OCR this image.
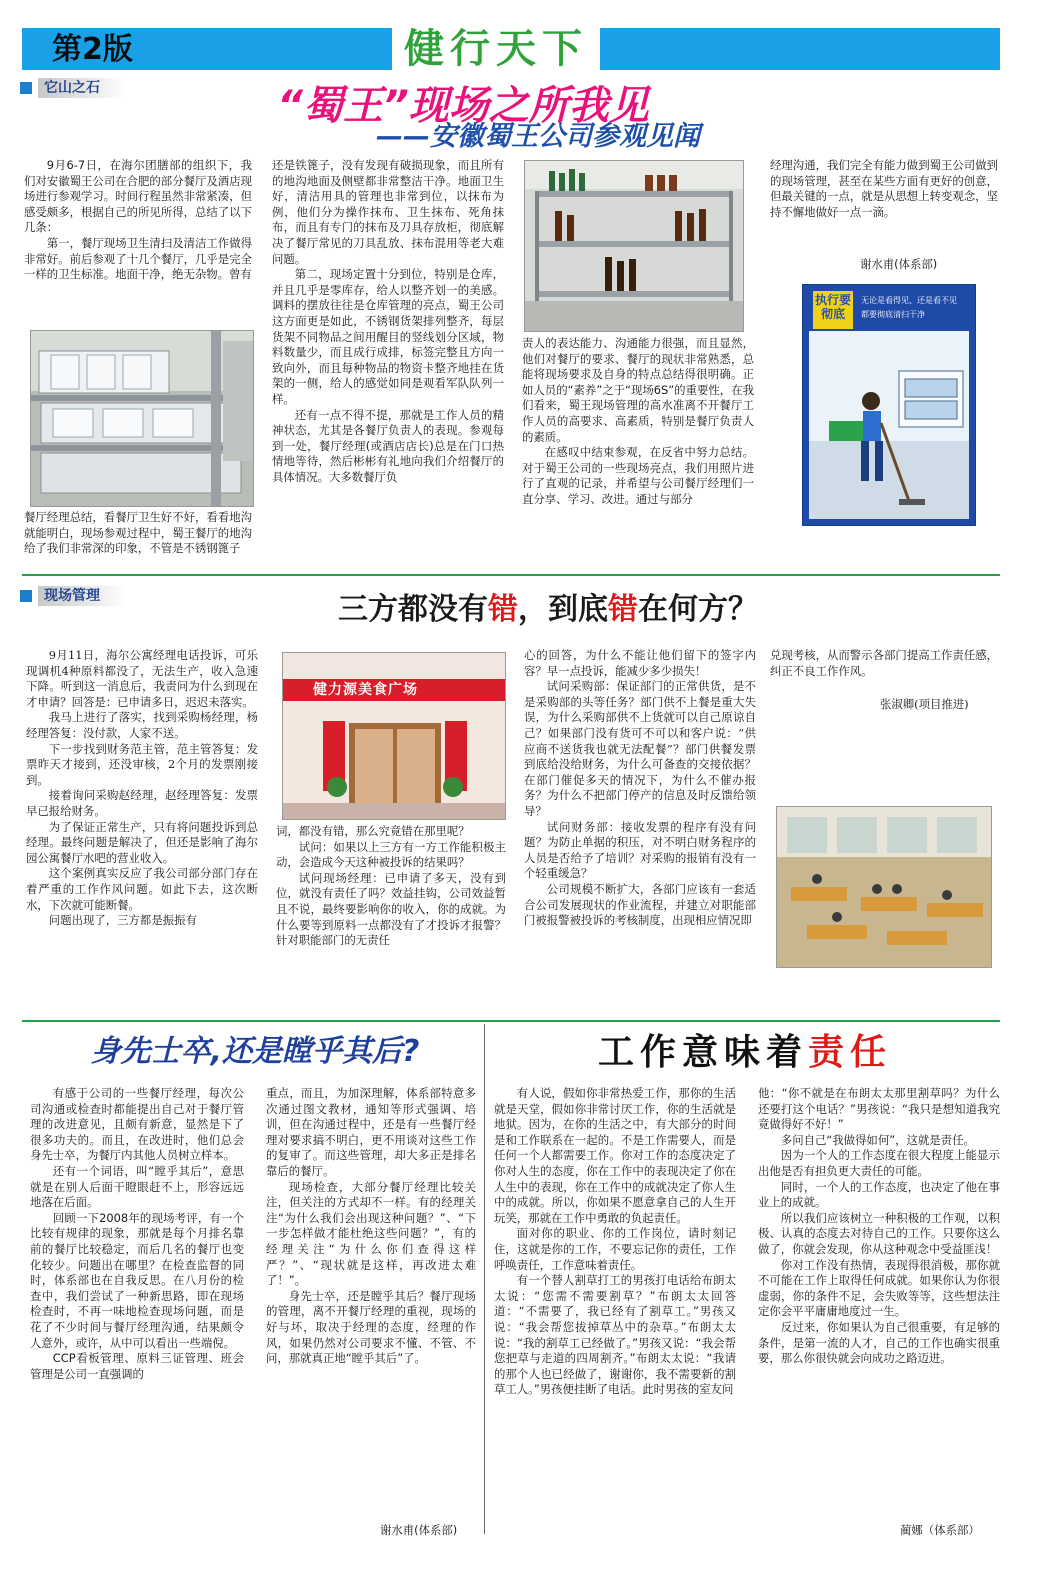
第2版	健行天下
它山之石	“蜀王”现场之所我见
——安徽蜀王公司参观见闻

9月6-7日，在海尔团膳部的组织下，我们对安徽蜀王公司在合肥的部分餐厅及酒店现场进行参观学习。时间行程虽然非常紧凑，但感受颇多，根据自己的所见所得，总结了以下几条：

第一，餐厅现场卫生清扫及清洁工作做得非常好。前后参观了十几个餐厅，几乎是完全一样的卫生标准。地面干净，绝无杂物。曾有

餐厅经理总结，看餐厅卫生好不好，看看地沟就能明白，现场参观过程中，蜀王餐厅的地沟给了我们非常深的印象，不管是不锈钢篦子

还是铁篦子，没有发现有破损现象，而且所有的地沟地面及侧壁都非常整洁干净。地面卫生好，清洁用具的管理也非常到位，以抹布为例，他们分为操作抹布、卫生抹布、死角抹布，而且有专门的抹布及刀具存放柜，彻底解决了餐厅常见的刀具乱放、抹布混用等老大难问题。

第二，现场定置十分到位，特别是仓库，并且几乎是零库存，给人以整齐划一的美感。调料的摆放往往是仓库管理的亮点，蜀王公司这方面更是如此，不锈钢货架排列整齐，每层货架不同物品之间用醒目的竖线划分区域，物料数量少，而且成行成排，标签完整且方向一致向外，而且每种物品的物资卡整齐地挂在货架的一侧，给人的感觉如同是观看军队队列一样。

还有一点不得不提，那就是工作人员的精神状态，尤其是各餐厅负责人的表现。参观每到一处，餐厅经理(或酒店店长)总是在门口热情地等待，然后彬彬有礼地向我们介绍餐厅的具体情况。大多数餐厅负

责人的表达能力、沟通能力很强，而且显然，他们对餐厅的要求、餐厅的现状非常熟悉，总能将现场要求及自身的特点总结得很明确。正如人员的“素养”之于“现场6S”的重要性，在我们看来，蜀王现场管理的高水准离不开餐厅工作人员的高要求、高素质，特别是餐厅负责人的素质。

在感叹中结束参观，在反省中努力总结。对于蜀王公司的一些现场亮点，我们用照片进行了直观的记录，并希望与公司餐厅经理们一直分享、学习、改进。通过与部分

经理沟通，我们完全有能力做到蜀王公司做到的现场管理，甚至在某些方面有更好的创意，但最关键的一点，就是从思想上转变观念，坚持不懈地做好一点一滴。

谢水甫(体系部)
执行要彻底
无论是看得见、还是看不见
都要彻底清扫干净
现场管理	三方都没有错，到底错在何方？

9月11日，海尔公寓经理电话投诉，可乐现调机4种原料都没了，无法生产，收入急速下降。听到这一消息后，我责问为什么到现在才申请？回答是：已申请多日，迟迟未落实。

我马上进行了落实，找到采购杨经理，杨经理答复：没付款，人家不送。

下一步找到财务范主管，范主管答复：发票昨天才接到，还没审核，2个月的发票刚接到。

接着询问采购赵经理，赵经理答复：发票早已报给财务。

为了保证正常生产，只有将问题投诉到总经理。最终问题是解决了，但还是影响了海尔园公寓餐厅水吧的营业收入。

这个案例真实反应了我公司部分部门存在着严重的工作作风问题。如此下去，这次断水，下次就可能断餐。

问题出现了，三方都是振振有

健力源美食广场

词，都没有错，那么究竟错在那里呢？

试问：如果以上三方有一方工作能积极主动，会造成今天这种被投诉的结果吗？

试问现场经理：已申请了多天，没有到位，就没有责任了吗？效益挂钩，公司效益暂且不说，最终要影响你的收入，你的成就。为什么要等到原料一点都没有了才投诉才报警？针对职能部门的无责任

心的回答，为什么不能让他们留下的签字内容？早一点投诉，能减少多少损失！

试问采购部：保证部门的正常供货，是不是采购部的头等任务？部门供不上餐是重大失误，为什么采购部供不上货就可以自己原谅自己？如果部门没有货可不可以和客户说：“供应商不送货我也就无法配餐”？部门供餐发票到底给没给财务，为什么可备查的交接依据？在部门催促多天的情况下，为什么不催办报务？为什么不把部门停产的信息及时反馈给领导？

试问财务部：接收发票的程序有没有问题？为防止单据的积压，对不明白财务程序的人员是否给予了培训？对采购的报销有没有一个轻重缓急？

公司规模不断扩大，各部门应该有一套适合公司发展现状的作业流程，并建立对职能部门被报警被投诉的考核制度，出现相应情况即

兑现考核，从而警示各部门提高工作责任感，纠正不良工作作风。

张淑卿(项目推进)
身先士卒,还是瞠乎其后?

有感于公司的一些餐厅经理，每次公司沟通或检查时都能提出自己对于餐厅管理的改进意见，且颇有新意，显然是下了很多功夫的。而且，在改进时，他们总会身先士卒，为餐厅内其他人员树立样本。

还有一个词语，叫“瞠乎其后”，意思就是在别人后面干瞪眼赶不上，形容远远地落在后面。

回顾一下2008年的现场考评，有一个比较有规律的现象，那就是每个月排名靠前的餐厅比较稳定，而后几名的餐厅也变化较少。问题出在哪里？在检查监督的同时，体系部也在自我反思。在八月份的检查中，我们尝试了一种新思路，即在现场检查时，不再一味地检查现场问题，而是花了不少时间与餐厅经理沟通，结果颇令人意外，或许，从中可以看出一些端倪。

CCP看板管理、原料三证管理、班会管理是公司一直强调的

重点，而且，为加深理解，体系部特意多次通过图文教材，通知等形式强调、培训，但在沟通过程中，还是有一些餐厅经理对要求搞不明白，更不用谈对这些工作的复审了。而这些管理，却大多正是排名靠后的餐厅。

现场检查，大部分餐厅经理比较关注，但关注的方式却不一样。有的经理关注“为什么我们会出现这种问题？”、“下一步怎样做才能杜绝这些问题？”，有的经理关注“为什么你们查得这样严？”、“现状就是这样，再改进太难了！”。

身先士卒，还是瞠乎其后？餐厅现场的管理，离不开餐厅经理的重视，现场的好与坏，取决于经理的态度，经理的作风，如果仍然对公司要求不懂、不管、不问，那就真正地“瞠乎其后”了。

谢水甫(体系部)
工作意味着责任

有人说，假如你非常热爱工作，那你的生活就是天堂，假如你非常讨厌工作，你的生活就是地狱。因为，在你的生活之中，有大部分的时间是和工作联系在一起的。不是工作需要人，而是任何一个人都需要工作。你对工作的态度决定了你对人生的态度，你在工作中的表现决定了你在人生中的表现，你在工作中的成就决定了你人生中的成就。所以，你如果不愿意拿自己的人生开玩笑，那就在工作中勇敢的负起责任。

面对你的职业、你的工作岗位，请时刻记住，这就是你的工作，不要忘记你的责任，工作呼唤责任，工作意味着责任。

有一个替人割草打工的男孩打电话给布朗太太说：“您需不需要割草？”布朗太太回答道：“不需要了，我已经有了割草工。”男孩又说：“我会帮您拔掉草丛中的杂草。”布朗太太说：“我的割草工已经做了。”男孩又说：“我会帮您把草与走道的四周割齐。”布朗太太说：“我请的那个人也已经做了，谢谢你，我不需要新的割草工人。”男孩便挂断了电话。此时男孩的室友问

他：“你不就是在布朗太太那里割草吗？为什么还要打这个电话？”男孩说：“我只是想知道我究竟做得好不好！”

多问自己“我做得如何”，这就是责任。

因为一个人的工作态度在很大程度上能显示出他是否有担负更大责任的可能。

同时，一个人的工作态度，也决定了他在事业上的成就。

所以我们应该树立一种积极的工作观，以积极、认真的态度去对待自己的工作。只要你这么做了，你就会发现，你从这种观念中受益匪浅！

你对工作没有热情，表现得很消极，那你就不可能在工作上取得任何成就。如果你认为你很虚弱，你的条件不足，会失败等等，这些想法注定你会平平庸庸地度过一生。

反过来，你如果认为自己很重要，有足够的条件，是第一流的人才，自己的工作也确实很重要，那么你很快就会向成功之路迈进。

蔺娜（体系部）
